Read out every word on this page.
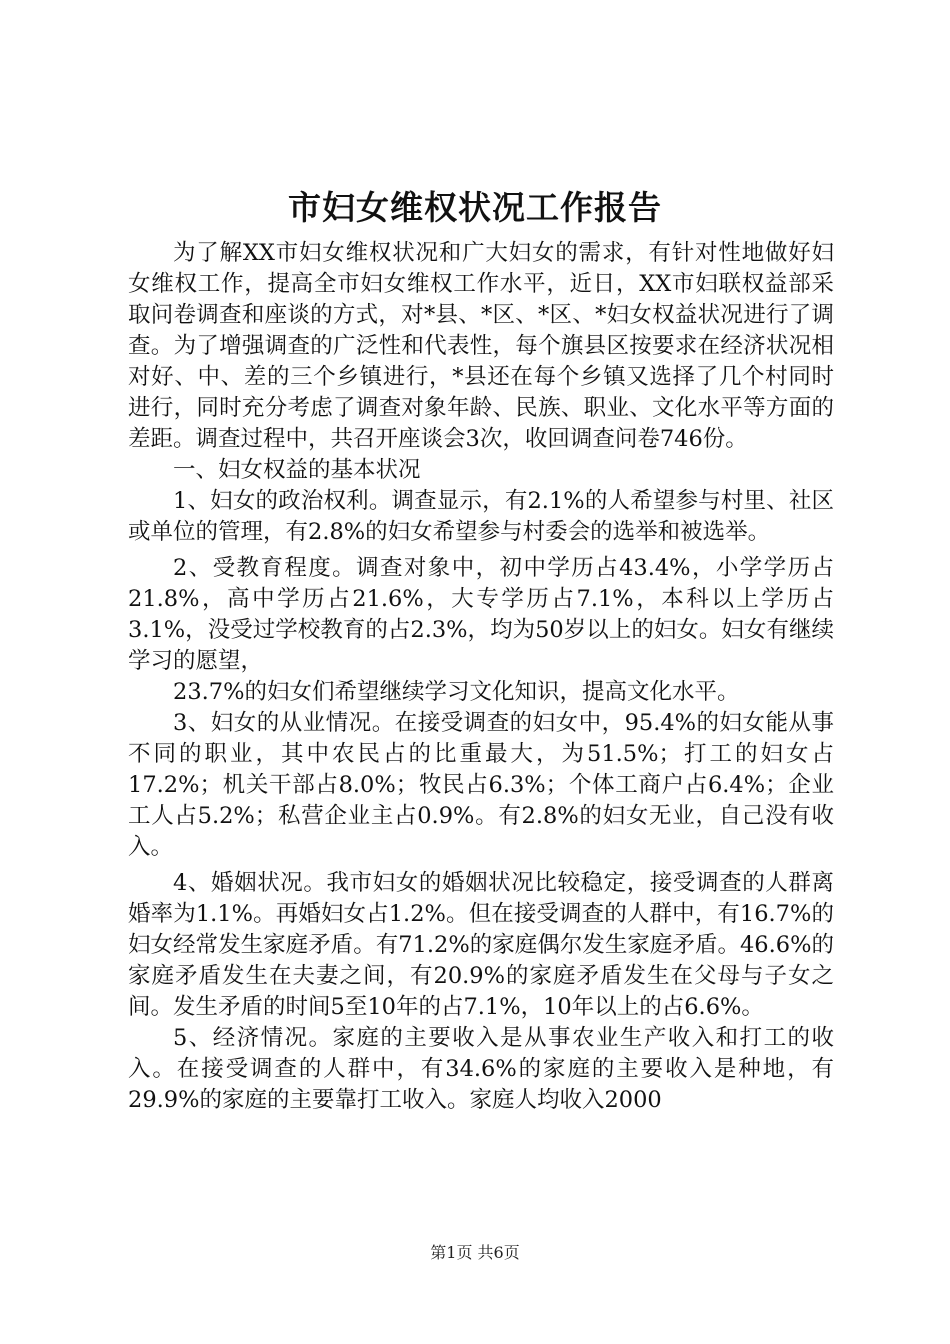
市妇女维权状况工作报告

为了解XX市妇女维权状况和广大妇女的需求，有针对性地做好妇女维权工作，提高全市妇女维权工作水平，近日，XX市妇联权益部采取问卷调查和座谈的方式，对*县、*区、*区、*妇女权益状况进行了调查。为了增强调查的广泛性和代表性，每个旗县区按要求在经济状况相对好、中、差的三个乡镇进行，*县还在每个乡镇又选择了几个村同时进行，同时充分考虑了调查对象年龄、民族、职业、文化水平等方面的差距。调查过程中，共召开座谈会3次，收回调查问卷746份。

一、妇女权益的基本状况

1、妇女的政治权利。调查显示，有2.1%的人希望参与村里、社区或单位的管理，有2.8%的妇女希望参与村委会的选举和被选举。

2、受教育程度。调查对象中，初中学历占43.4%，小学学历占21.8%，高中学历占21.6%，大专学历占7.1%，本科以上学历占3.1%，没受过学校教育的占2.3%，均为50岁以上的妇女。妇女有继续学习的愿望，

23.7%的妇女们希望继续学习文化知识，提高文化水平。

3、妇女的从业情况。在接受调查的妇女中，95.4%的妇女能从事不同的职业，其中农民占的比重最大，为51.5%；打工的妇女占17.2%；机关干部占8.0%；牧民占6.3%；个体工商户占6.4%；企业工人占5.2%；私营企业主占0.9%。有2.8%的妇女无业，自己没有收入。

4、婚姻状况。我市妇女的婚姻状况比较稳定，接受调查的人群离婚率为1.1%。再婚妇女占1.2%。但在接受调查的人群中，有16.7%的妇女经常发生家庭矛盾。有71.2%的家庭偶尔发生家庭矛盾。46.6%的家庭矛盾发生在夫妻之间，有20.9%的家庭矛盾发生在父母与子女之间。发生矛盾的时间5至10年的占7.1%，10年以上的占6.6%。

5、经济情况。家庭的主要收入是从事农业生产收入和打工的收入。在接受调查的人群中，有34.6%的家庭的主要收入是种地，有29.9%的家庭的主要靠打工收入。家庭人均收入2000

第1页 共6页
